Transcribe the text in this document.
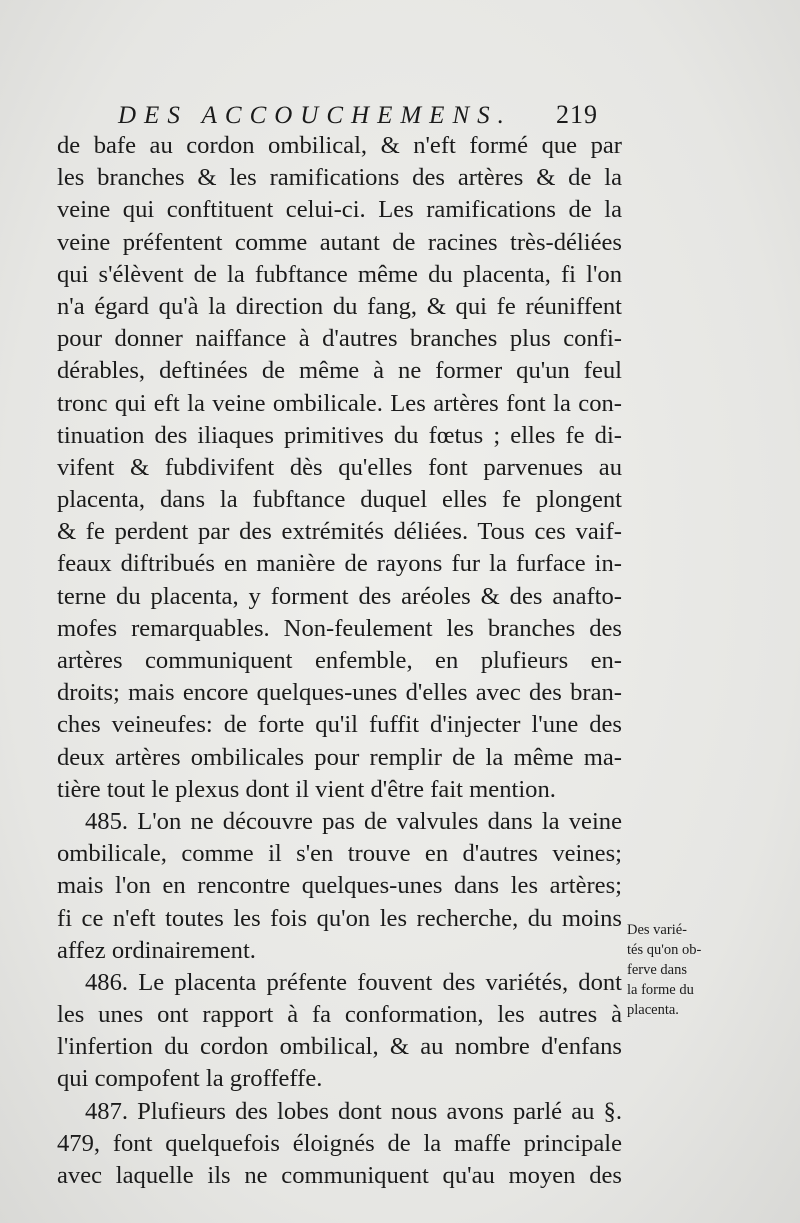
DES ACCOUCHEMENS. 219
de bafe au cordon ombilical, & n'eft formé que par
les branches & les ramifications des artères & de la
veine qui conftituent celui-ci. Les ramifications de la
veine préfentent comme autant de racines très-déliées
qui s'élèvent de la fubftance même du placenta, fi l'on
n'a égard qu'à la direction du fang, & qui fe réuniffent
pour donner naiffance à d'autres branches plus confi-
dérables, deftinées de même à ne former qu'un feul
tronc qui eft la veine ombilicale. Les artères font la con-
tinuation des iliaques primitives du fœtus ; elles fe di-
vifent & fubdivifent dès qu'elles font parvenues au
placenta, dans la fubftance duquel elles fe plongent
& fe perdent par des extrémités déliées. Tous ces vaif-
feaux diftribués en manière de rayons fur la furface in-
terne du placenta, y forment des aréoles & des anafto-
mofes remarquables. Non-feulement les branches des
artères communiquent enfemble, en plufieurs en-
droits; mais encore quelques-unes d'elles avec des bran-
ches veineufes: de forte qu'il fuffit d'injecter l'une des
deux artères ombilicales pour remplir de la même ma-
tière tout le plexus dont il vient d'être fait mention.
485. L'on ne découvre pas de valvules dans la veine
ombilicale, comme il s'en trouve en d'autres veines;
mais l'on en rencontre quelques-unes dans les artères;
fi ce n'eft toutes les fois qu'on les recherche, du moins
affez ordinairement.
486. Le placenta préfente fouvent des variétés, dont
les unes ont rapport à fa conformation, les autres à
l'infertion du cordon ombilical, & au nombre d'enfans
qui compofent la groffeffe.
487. Plufieurs des lobes dont nous avons parlé au §.
479, font quelquefois éloignés de la maffe principale
avec laquelle ils ne communiquent qu'au moyen des
Des varié-
tés qu'on ob-
ferve dans
la forme du
placenta.
